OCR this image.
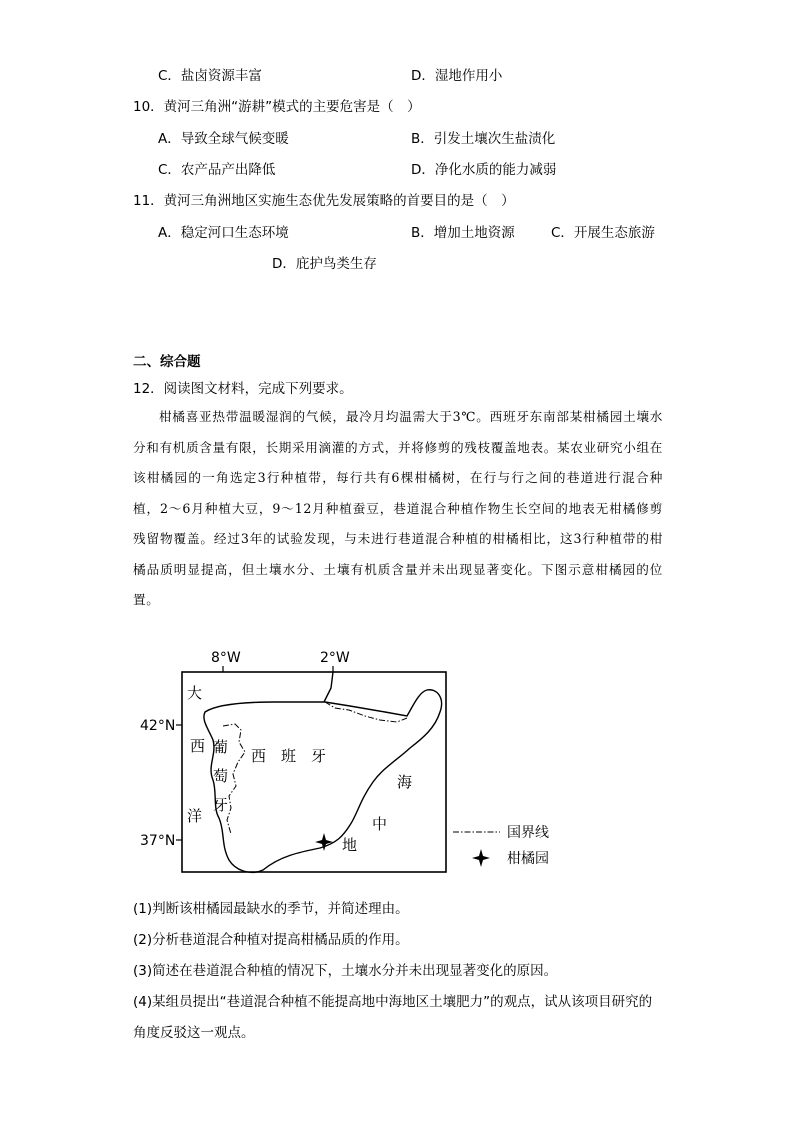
C．盐卤资源丰富	D．湿地作用小
10．黄河三角洲“游耕”模式的主要危害是（　）
A．导致全球气候变暖	B．引发土壤次生盐渍化
C．农产品产出降低	D．净化水质的能力减弱
11．黄河三角洲地区实施生态优先发展策略的首要目的是（　）
A．稳定河口生态环境	B．增加土地资源	C．开展生态旅游
D．庇护鸟类生存
二、综合题
12．阅读图文材料，完成下列要求。
柑橘喜亚热带温暖湿润的气候，最冷月均温需大于3℃。西班牙东南部某柑橘园土壤水分和有机质含量有限，长期采用滴灌的方式，并将修剪的残枝覆盖地表。某农业研究小组在该柑橘园的一角选定3行种植带，每行共有6棵柑橘树，在行与行之间的巷道进行混合种植，2～6月种植大豆，9～12月种植蚕豆，巷道混合种植作物生长空间的地表无柑橘修剪残留物覆盖。经过3年的试验发现，与未进行巷道混合种植的柑橘相比，这3行种植带的柑橘品质明显提高，但土壤水分、土壤有机质含量并未出现显著变化。下图示意柑橘园的位置。
8°W	2°W
42°N
37°N
大
西
洋
葡
萄
牙
西　班　牙
海
中
地
国界线
柑橘园
(1)判断该柑橘园最缺水的季节，并简述理由。
(2)分析巷道混合种植对提高柑橘品质的作用。
(3)简述在巷道混合种植的情况下，土壤水分并未出现显著变化的原因。
(4)某组员提出“巷道混合种植不能提高地中海地区土壤肥力”的观点，试从该项目研究的
角度反驳这一观点。
